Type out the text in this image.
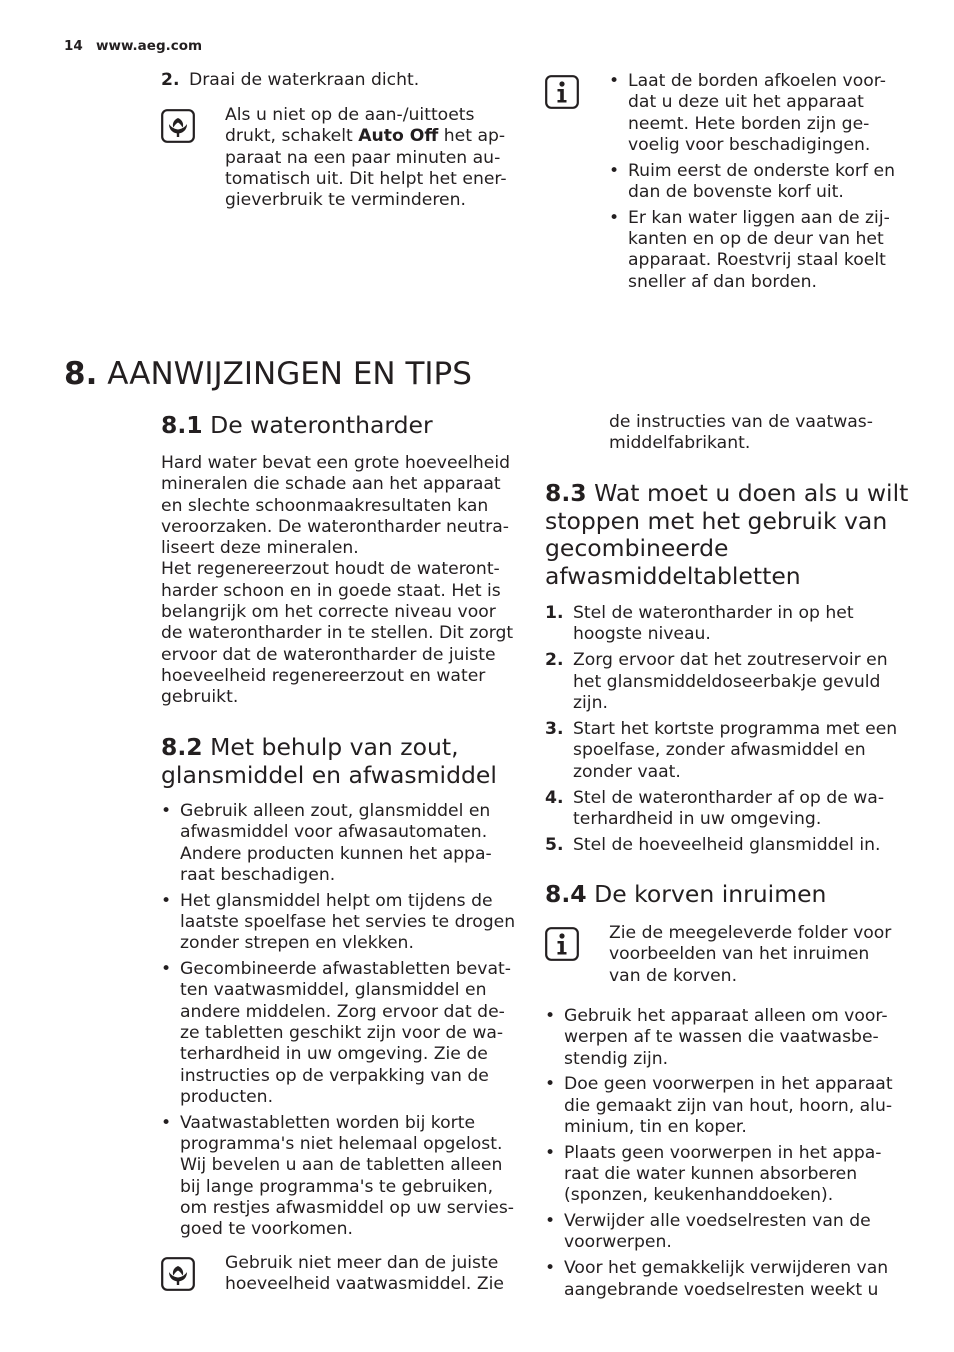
14 www.aeg.com
2. Draai de waterkraan dicht.
Als u niet op de aan-/uittoets
drukt, schakelt Auto Off het ap-
paraat na een paar minuten au-
tomatisch uit. Dit helpt het ener-
gieverbruik te verminderen.
• Laat de borden afkoelen voor-
dat u deze uit het apparaat
neemt. Hete borden zijn ge-
voelig voor beschadigingen.
• Ruim eerst de onderste korf en
dan de bovenste korf uit.
• Er kan water liggen aan de zij-
kanten en op de deur van het
apparaat. Roestvrij staal koelt
sneller af dan borden.
8. AANWIJZINGEN EN TIPS
8.1 De waterontharder

Hard water bevat een grote hoeveelheid

mineralen die schade aan het apparaat

en slechte schoonmaakresultaten kan

veroorzaken. De waterontharder neutra-

liseert deze mineralen.

Het regenereerzout houdt de wateront-

harder schoon en in goede staat. Het is

belangrijk om het correcte niveau voor

de waterontharder in te stellen. Dit zorgt

ervoor dat de waterontharder de juiste

hoeveelheid regenereerzout en water

gebruikt.

8.2 Met behulp van zout,
glansmiddel en afwasmiddel
• Gebruik alleen zout, glansmiddel en
afwasmiddel voor afwasautomaten.
Andere producten kunnen het appa-
raat beschadigen.
• Het glansmiddel helpt om tijdens de
laatste spoelfase het servies te drogen
zonder strepen en vlekken.
• Gecombineerde afwastabletten bevat-
ten vaatwasmiddel, glansmiddel en
andere middelen. Zorg ervoor dat de-
ze tabletten geschikt zijn voor de wa-
terhardheid in uw omgeving. Zie de
instructies op de verpakking van de
producten.
• Vaatwastabletten worden bij korte
programma's niet helemaal opgelost.
Wij bevelen u aan de tabletten alleen
bij lange programma's te gebruiken,
om restjes afwasmiddel op uw servies-
goed te voorkomen.
Gebruik niet meer dan de juiste
hoeveelheid vaatwasmiddel. Zie
de instructies van de vaatwas-
middelfabrikant.
8.3 Wat moet u doen als u wilt
stoppen met het gebruik van
gecombineerde
afwasmiddeltabletten
1. Stel de waterontharder in op het
hoogste niveau.
2. Zorg ervoor dat het zoutreservoir en
het glansmiddeldoseerbakje gevuld
zijn.
3. Start het kortste programma met een
spoelfase, zonder afwasmiddel en
zonder vaat.
4. Stel de waterontharder af op de wa-
terhardheid in uw omgeving.
5. Stel de hoeveelheid glansmiddel in.
8.4 De korven inruimen
Zie de meegeleverde folder voor
voorbeelden van het inruimen
van de korven.
• Gebruik het apparaat alleen om voor-
werpen af te wassen die vaatwasbe-
stendig zijn.
• Doe geen voorwerpen in het apparaat
die gemaakt zijn van hout, hoorn, alu-
minium, tin en koper.
• Plaats geen voorwerpen in het appa-
raat die water kunnen absorberen
(sponzen, keukenhanddoeken).
• Verwijder alle voedselresten van de
voorwerpen.
• Voor het gemakkelijk verwijderen van
aangebrande voedselresten weekt u
